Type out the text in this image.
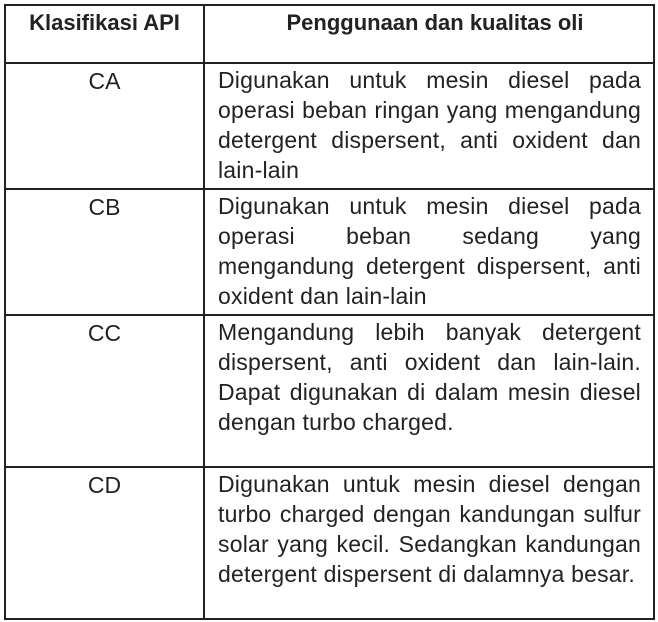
Klasifikasi API	Penggunaan dan kualitas oli
CA	Digunakan untuk mesin diesel pada operasi beban ringan yang mengandung detergent dispersent, anti oxident dan lain-lain
CB	Digunakan untuk mesin diesel pada operasi beban sedang yang mengandung detergent dispersent, anti oxident dan lain-lain
CC	Mengandung lebih banyak detergent dispersent, anti oxident dan lain-lain. Dapat digunakan di dalam mesin diesel dengan turbo charged.
CD	Digunakan untuk mesin diesel dengan turbo charged dengan kandungan sulfur solar yang kecil. Sedangkan kandungan detergent dispersent di dalamnya besar.
